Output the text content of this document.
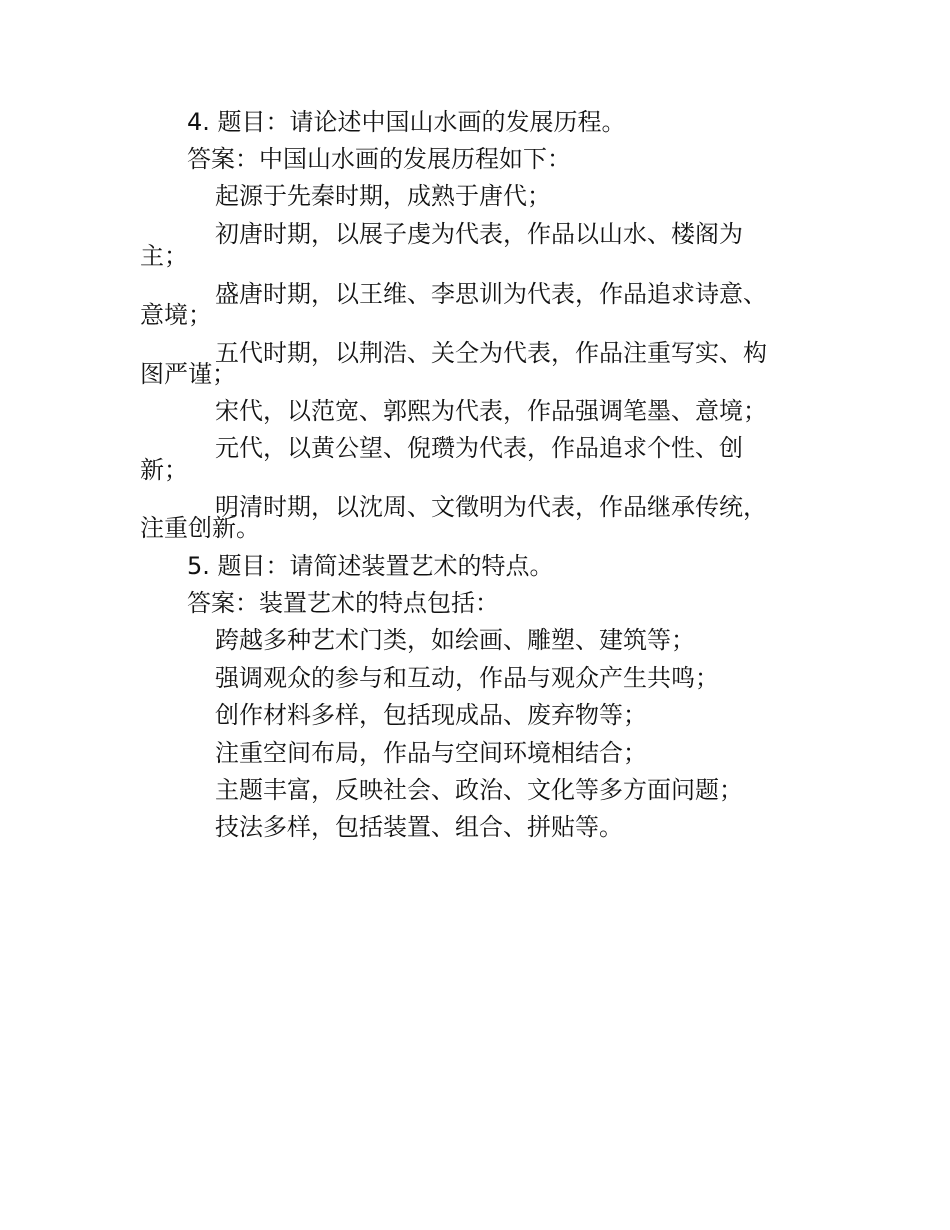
4. 题目：请论述中国山水画的发展历程。
答案：中国山水画的发展历程如下：
起源于先秦时期，成熟于唐代；
初唐时期，以展子虔为代表，作品以山水、楼阁为
主；
盛唐时期，以王维、李思训为代表，作品追求诗意、
意境；
五代时期，以荆浩、关仝为代表，作品注重写实、构
图严谨；
宋代，以范宽、郭熙为代表，作品强调笔墨、意境；
元代，以黄公望、倪瓒为代表，作品追求个性、创
新；
明清时期，以沈周、文徵明为代表，作品继承传统，
注重创新。
5. 题目：请简述装置艺术的特点。
答案：装置艺术的特点包括：
跨越多种艺术门类，如绘画、雕塑、建筑等；
强调观众的参与和互动，作品与观众产生共鸣；
创作材料多样，包括现成品、废弃物等；
注重空间布局，作品与空间环境相结合；
主题丰富，反映社会、政治、文化等多方面问题；
技法多样，包括装置、组合、拼贴等。
